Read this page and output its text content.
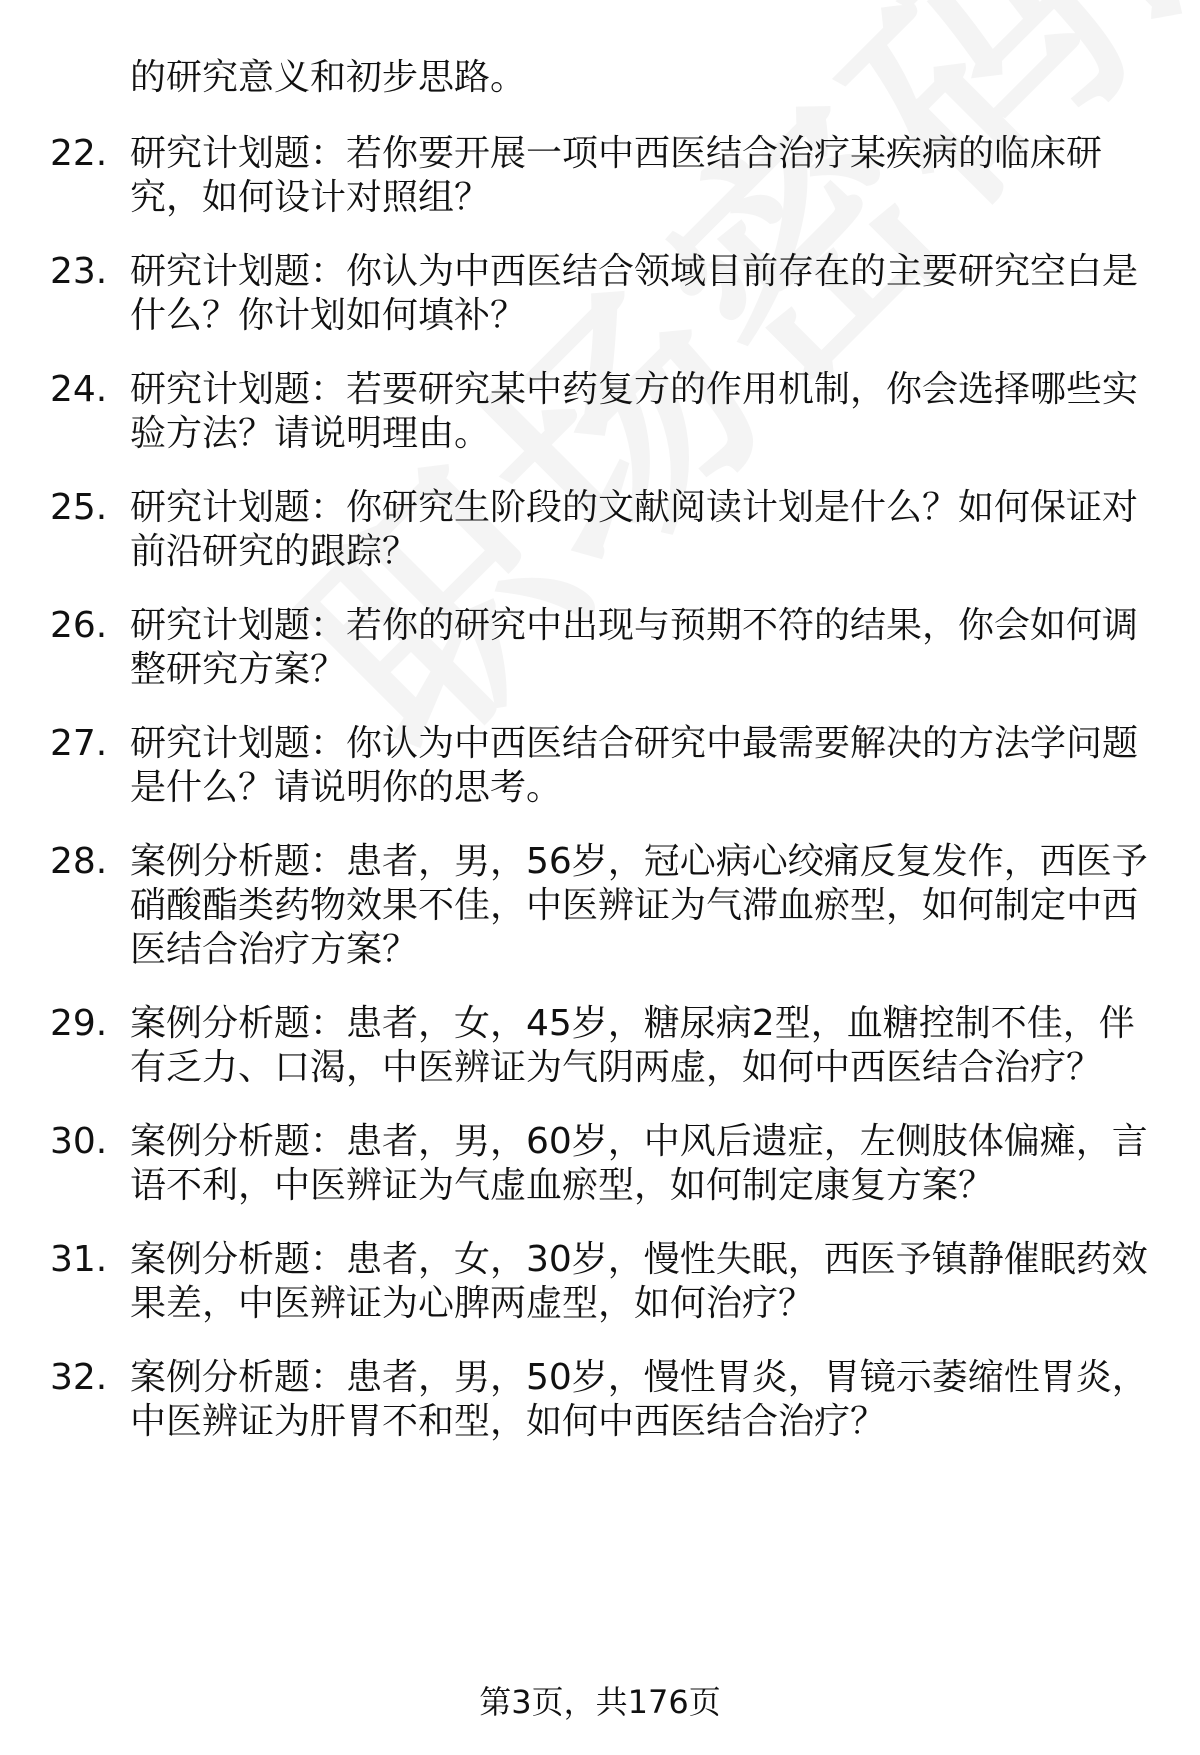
的研究意义和初步思路。

22. 研究计划题：若你要开展一项中西医结合治疗某疾病的临床研

究，如何设计对照组？

23. 研究计划题：你认为中西医结合领域目前存在的主要研究空白是

什么？你计划如何填补？

24. 研究计划题：若要研究某中药复方的作用机制，你会选择哪些实

验方法？请说明理由。

25. 研究计划题：你研究生阶段的文献阅读计划是什么？如何保证对

前沿研究的跟踪？

26. 研究计划题：若你的研究中出现与预期不符的结果，你会如何调

整研究方案？

27. 研究计划题：你认为中西医结合研究中最需要解决的方法学问题

是什么？请说明你的思考。

28. 案例分析题：患者，男，56岁，冠心病心绞痛反复发作，西医予

硝酸酯类药物效果不佳，中医辨证为气滞血瘀型，如何制定中西

医结合治疗方案？

29. 案例分析题：患者，女，45岁，糖尿病2型，血糖控制不佳，伴

有乏力、口渴，中医辨证为气阴两虚，如何中西医结合治疗？

30. 案例分析题：患者，男，60岁，中风后遗症，左侧肢体偏瘫，言

语不利，中医辨证为气虚血瘀型，如何制定康复方案？

31. 案例分析题：患者，女，30岁，慢性失眠，西医予镇静催眠药效

果差，中医辨证为心脾两虚型，如何治疗？

32. 案例分析题：患者，男，50岁，慢性胃炎，胃镜示萎缩性胃炎，

中医辨证为肝胃不和型，如何中西医结合治疗？

第3页，共176页
